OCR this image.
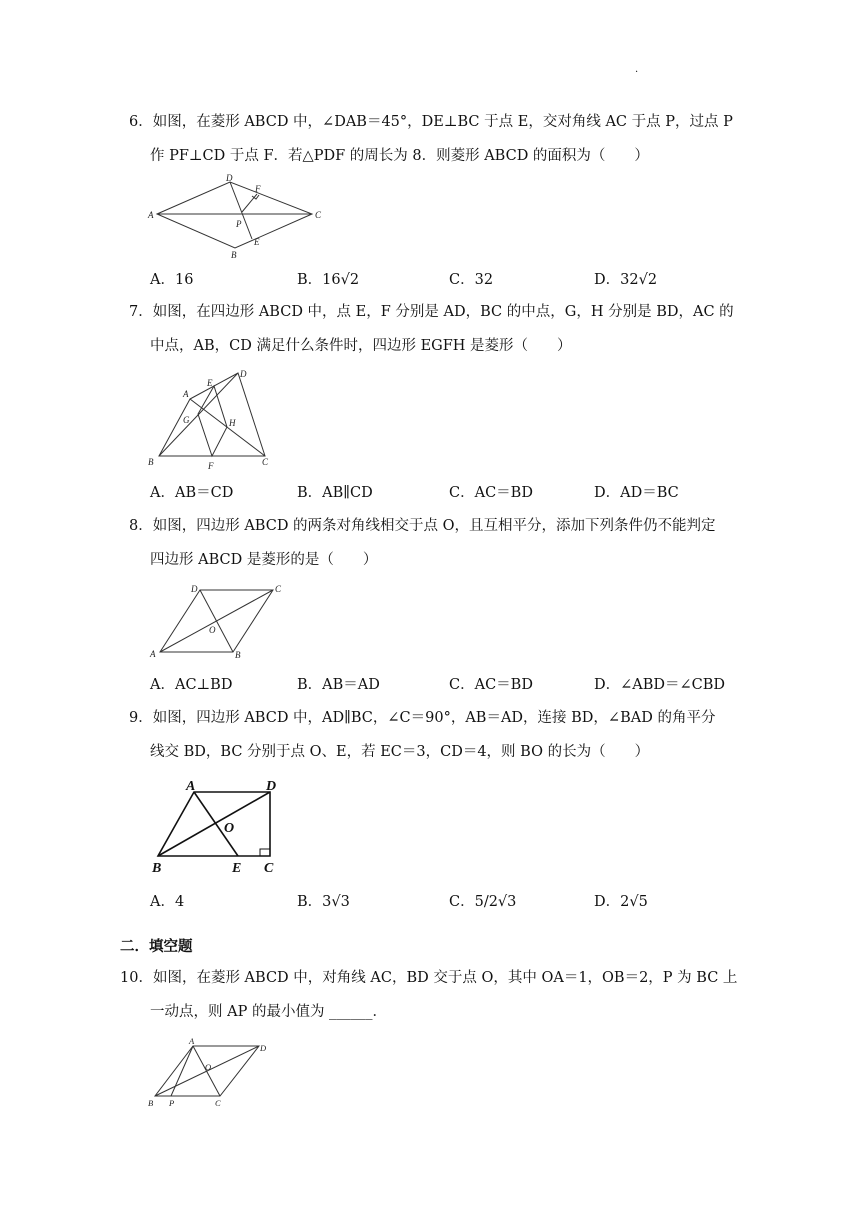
.
6．如图，在菱形 ABCD 中，∠DAB＝45°，DE⊥BC 于点 E，交对角线 AC 于点 P，过点 P
作 PF⊥CD 于点 F．若△PDF 的周长为 8．则菱形 ABCD 的面积为（　　）
A
D
F
P
C
E
B
A．16	B．16√2	C．32	D．32√2
7．如图，在四边形 ABCD 中，点 E，F 分别是 AD，BC 的中点，G，H 分别是 BD，AC 的
中点，AB，CD 满足什么条件时，四边形 EGFH 是菱形（　　）
A
E
D
G	H
B	F	C
A．AB＝CD	B．AB∥CD	C．AC＝BD	D．AD＝BC
8．如图，四边形 ABCD 的两条对角线相交于点 O，且互相平分，添加下列条件仍不能判定
四边形 ABCD 是菱形的是（　　）
D	C
O
A	B
A．AC⊥BD	B．AB＝AD	C．AC＝BD	D．∠ABD＝∠CBD
9．如图，四边形 ABCD 中，AD∥BC，∠C＝90°，AB＝AD，连接 BD，∠BAD 的角平分
线交 BD，BC 分别于点 O、E，若 EC＝3，CD＝4，则 BO 的长为（　　）
A	D
O
B	E C
A．4	B．3√3	C．5/2√3	D．2√5
二．填空题
10．如图，在菱形 ABCD 中，对角线 AC，BD 交于点 O，其中 OA＝1，OB＝2，P 为 BC 上
一动点，则 AP 的最小值为 ______．
A
D
O
B P	C
